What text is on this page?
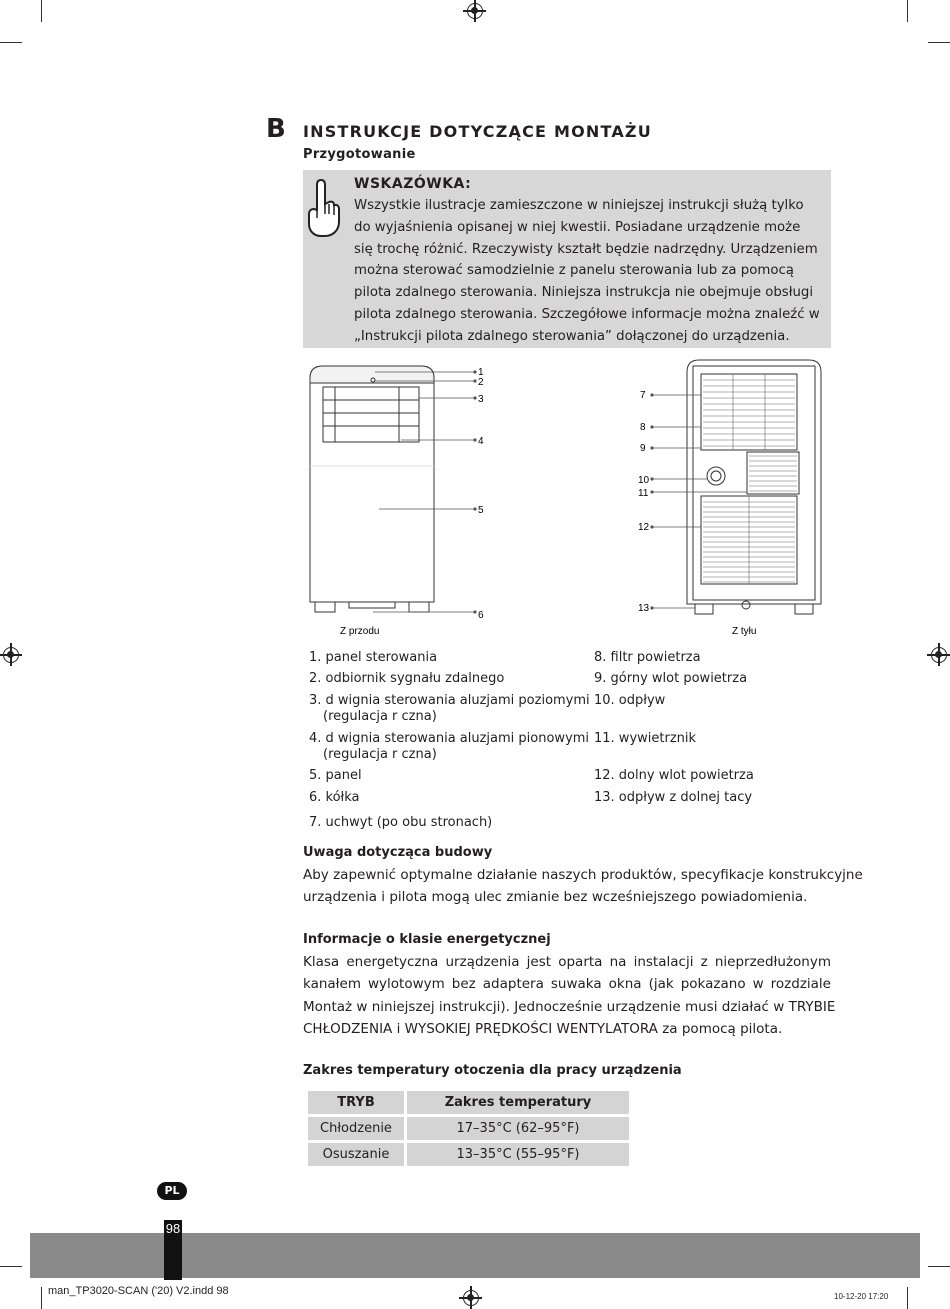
B INSTRUKCJE DOTYCZĄCE MONTAŻU
Przygotowanie
WSKAZÓWKA:
Wszystkie ilustracje zamieszczone w niniejszej instrukcji służą tylko
do wyjaśnienia opisanej w niej kwestii. Posiadane urządzenie może
się trochę różnić. Rzeczywisty kształt będzie nadrzędny. Urządzeniem
można sterować samodzielnie z panelu sterowania lub za pomocą
pilota zdalnego sterowania. Niniejsza instrukcja nie obejmuje obsługi
pilota zdalnego sterowania. Szczegółowe informacje można znaleźć w
„Instrukcji pilota zdalnego sterowania” dołączonej do urządzenia.
1
2
3
4
5
6
Z przodu
7
8
9
10
11
12
13
Z tyłu
1. panel sterowania
2. odbiornik sygnału zdalnego
3. d wignia sterowania aluzjami poziomymi
(regulacja r czna)
4. d wignia sterowania aluzjami pionowymi
(regulacja r czna)
5. panel
6. kółka
7. uchwyt (po obu stronach)
8. filtr powietrza
9. górny wlot powietrza
10. odpływ
11. wywietrznik
12. dolny wlot powietrza
13. odpływ z dolnej tacy
Uwaga dotycząca budowy
Aby zapewnić optymalne działanie naszych produktów, specyfikacje konstrukcyjne
urządzenia i pilota mogą ulec zmianie bez wcześniejszego powiadomienia.
Informacje o klasie energetycznej
Klasa energetyczna urządzenia jest oparta na instalacji z nieprzedłużonym
kanałem wylotowym bez adaptera suwaka okna (jak pokazano w rozdziale
Montaż w niniejszej instrukcji). Jednocześnie urządzenie musi działać w TRYBIE
CHŁODZENIA i WYSOKIEJ PRĘDKOŚCI WENTYLATORA za pomocą pilota.
Zakres temperatury otoczenia dla pracy urządzenia
TRYB	Zakres temperatury
Chłodzenie	17–35°C (62–95°F)
Osuszanie	13–35°C (55–95°F)
PL
98
man_TP3020-SCAN ('20) V2.indd 98	10-12-20 17:20
